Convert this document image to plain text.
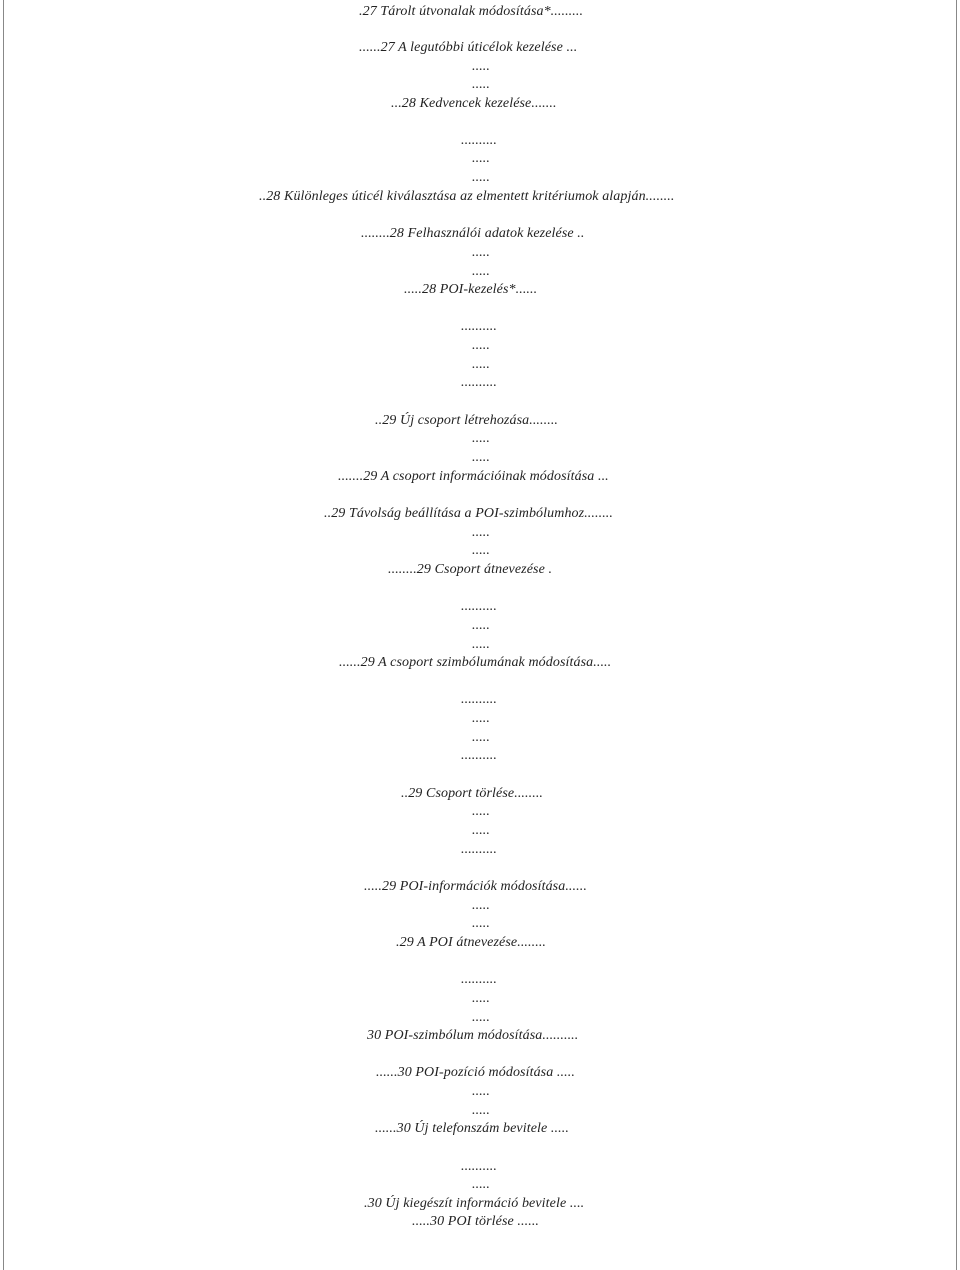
.27 Tárolt útvonalak módosítása*.........
......27 A legutóbbi úticélok kezelése ...
.....
.....
...28 Kedvencek kezelése.......
..........
.....
.....
..28 Különleges úticél kiválasztása az elmentett kritériumok alapján........
........28 Felhasználói adatok kezelése ..
.....
.....
.....28 POI-kezelés*......
..........
.....
.....
..........
..29 Új csoport létrehozása........
.....
.....
.......29 A csoport információinak módosítása ...
..29 Távolság beállítása a POI-szimbólumhoz........
.....
.....
........29 Csoport átnevezése .
..........
.....
.....
......29 A csoport szimbólumának módosítása.....
..........
.....
.....
..........
..29 Csoport törlése........
.....
.....
..........
.....29 POI-információk módosítása......
.....
.....
.29 A POI átnevezése........
..........
.....
.....
30 POI-szimbólum módosítása..........
......30 POI-pozíció módosítása .....
.....
.....
......30 Új telefonszám bevitele .....
..........
.....
.30 Új kiegészít információ bevitele ....
.....30 POI törlése ......
